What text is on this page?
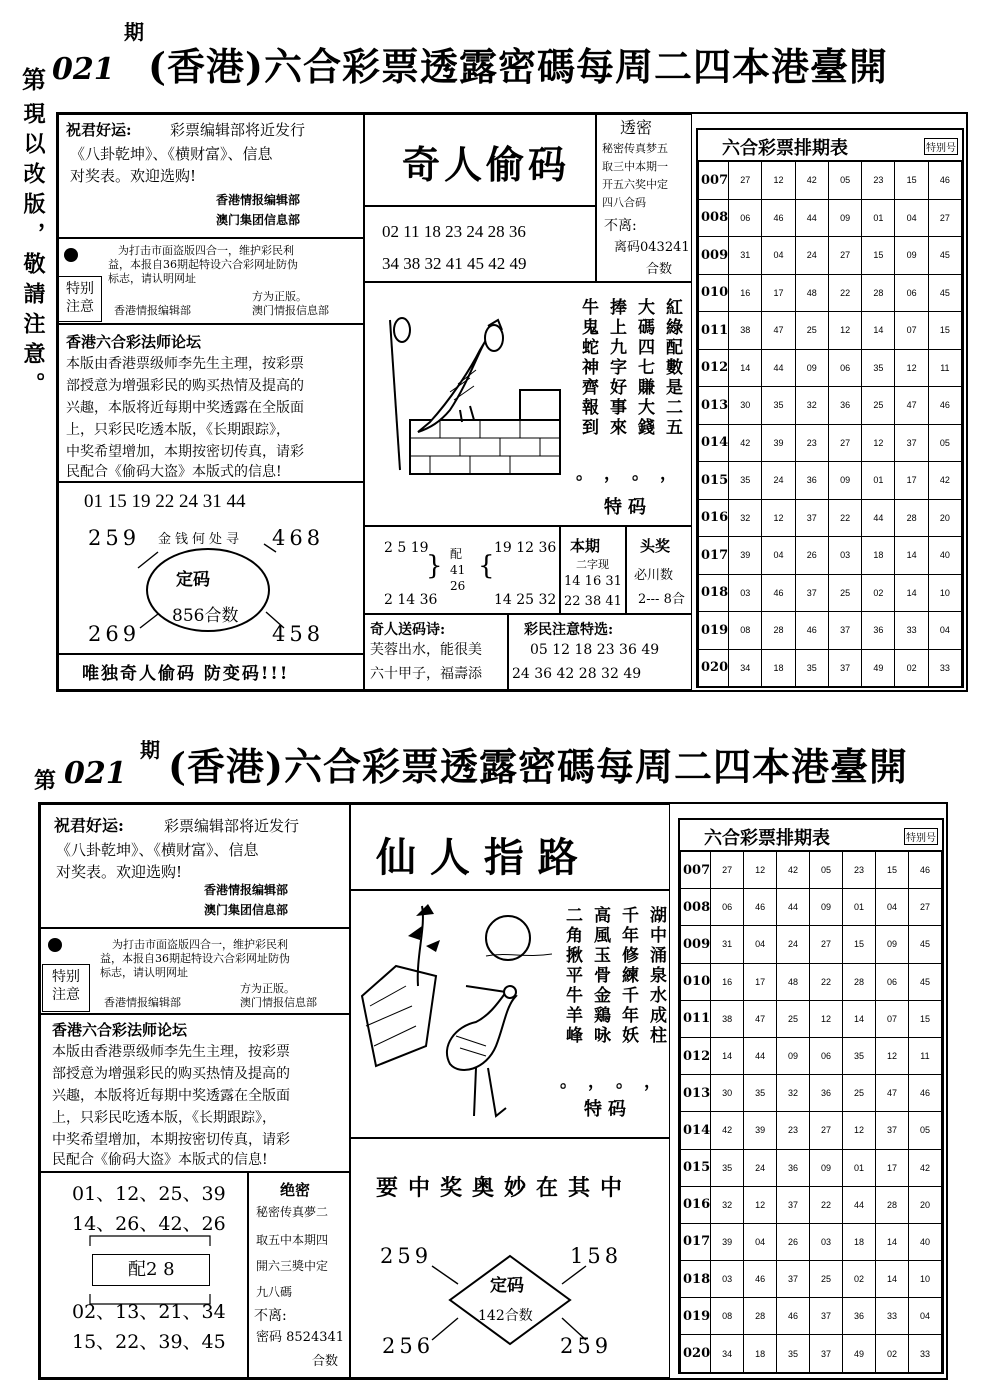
第 021
期
(香港)六合彩票透露密碼每周二四本港臺開
現以改版，敬請注意。 祝君好运:	彩票编辑部将近发行
《八卦乾坤》、《横财富》、信息
对奖表。欢迎选购!
香港情报编辑部
澳门集团信息部
特别注意
为打击市面盗版四合一，维护彩民利
益，本报自36期起特设六合彩网址防伪
标志，请认明网址
方为正版。
香港情报编辑部	澳门情报信息部
香港六合彩法师论坛
本版由香港票级师李先生主理，按彩票
部授意为增强彩民的购买热情及提高的
兴趣，本版将近每期中奖透露在全版面
上，只彩民吃透本版，《长期跟踪》，
中奖希望增加，本期按密切传真，请彩
民配合《偷码大盗》本版式的信息!
01 15 19 22 24 31 44
259	468
金钱何处寻
定码
856合数
269	458
唯独奇人偷码 防变码!!!
奇人偷码
02 11 18 23 24 28 36
34 38 32 41 45 42 49
透密
秘密传真梦五
取三中本期一
开五六奖中定
四八合码
不离:
离码043241
合数
紅綠配數是二五
大碼四七賺大錢
捧上九字好事來
牛鬼蛇神齊報到
，
。
，
。
特码
2 5 19
2 14 36
配
41
26
} {
19 12 36
14 25 32
本期
二字现
14 16 31
22 38 41
头奖
必川数
2--- 8合
奇人送码诗:
芙蓉出水，能很美
六十甲子，福壽添
彩民注意特选:
05 12 18 23 36 49
24 36 42 28 32 49
六合彩票排期表	特别号
007	27	12	42	05	23	15	46
008	06	46	44	09	01	04	27
009	31	04	24	27	15	09	45
010	16	17	48	22	28	06	45
011	38	47	25	12	14	07	15
012	14	44	09	06	35	12	11
013	30	35	32	36	25	47	46
014	42	39	23	27	12	37	05
015	35	24	36	09	01	17	42
016	32	12	37	22	44	28	20
017	39	04	26	03	18	14	40
018	03	46	37	25	02	14	10
019	08	28	46	37	36	33	04
020	34	18	35	37	49	02	33
第 021
期 (香港)六合彩票透露密碼每周二四本港臺開
祝君好运:	彩票编辑部将近发行
《八卦乾坤》、《横财富》、信息
对奖表。欢迎选购!
香港情报编辑部
澳门集团信息部
特别注意
为打击市面盗版四合一，维护彩民利
益，本报自36期起特设六合彩网址防伪
标志，请认明网址
方为正版。
香港情报编辑部	澳门情报信息部
香港六合彩法师论坛
本版由香港票级师李先生主理，按彩票
部授意为增强彩民的购买热情及提高的
兴趣，本版将近每期中奖透露在全版面
上，只彩民吃透本版，《长期跟踪》，
中奖希望增加，本期按密切传真，请彩
民配合《偷码大盗》本版式的信息!
01、12、25、39
14、26、42、26
配2 8
02、13、21、34
15、22、39、45
绝密
秘密传真夢二
取五中本期四
開六三獎中定
九八碼
不离:
密码 8524341
合数
仙 人 指 路
湖中涌泉水成柱
千年修練千年妖
高風玉骨金鶏咏
二角揪平牛羊峰
，
。
，
。
特码
要中奖奥妙在其中
259	158
定码
142合数
256	259
六合彩票排期表	特别号
007	27	12	42	05	23	15	46
008	06	46	44	09	01	04	27
009	31	04	24	27	15	09	45
010	16	17	48	22	28	06	45
011	38	47	25	12	14	07	15
012	14	44	09	06	35	12	11
013	30	35	32	36	25	47	46
014	42	39	23	27	12	37	05
015	35	24	36	09	01	17	42
016	32	12	37	22	44	28	20
017	39	04	26	03	18	14	40
018	03	46	37	25	02	14	10
019	08	28	46	37	36	33	04
020	34	18	35	37	49	02	33
